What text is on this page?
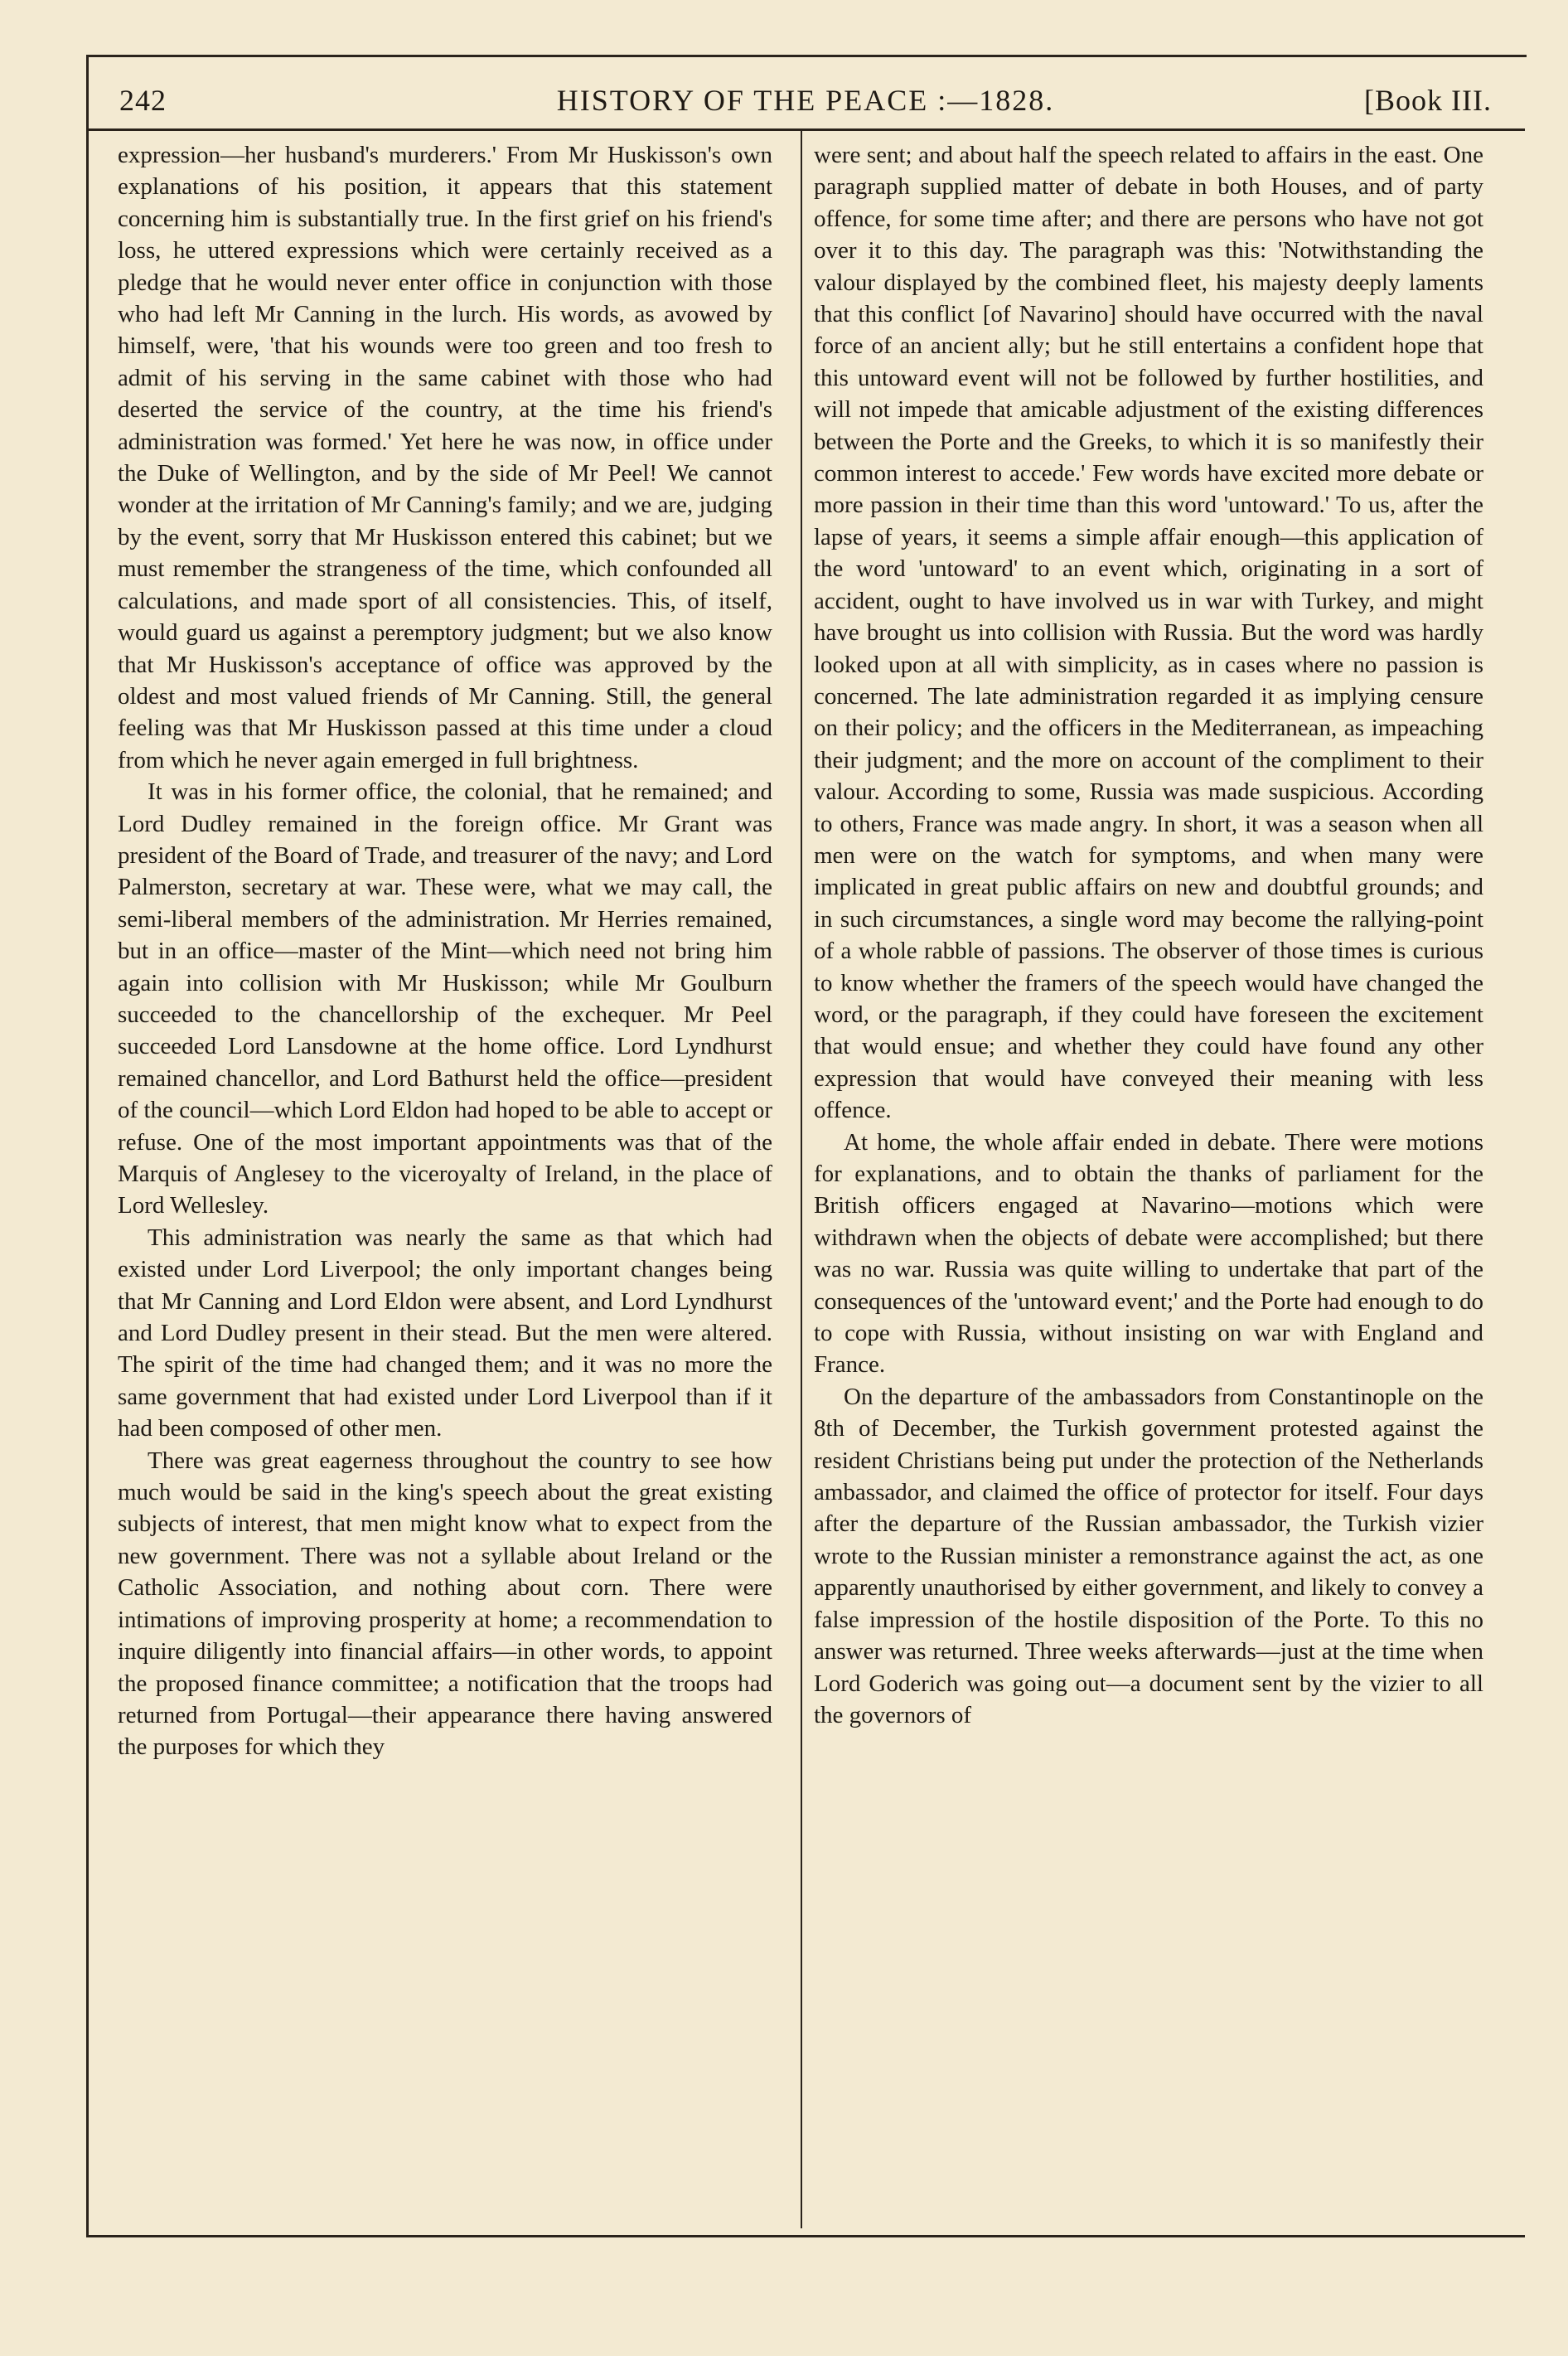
242	HISTORY OF THE PEACE :—1828.	[Book III.

expression—her husband's murderers.' From Mr Huskisson's own explanations of his position, it appears that this statement concerning him is substantially true. In the first grief on his friend's loss, he uttered expressions which were certainly received as a pledge that he would never enter office in conjunction with those who had left Mr Canning in the lurch. His words, as avowed by himself, were, 'that his wounds were too green and too fresh to admit of his serving in the same cabinet with those who had deserted the service of the country, at the time his friend's administration was formed.' Yet here he was now, in office under the Duke of Wellington, and by the side of Mr Peel! We cannot wonder at the irritation of Mr Canning's family; and we are, judging by the event, sorry that Mr Huskisson entered this cabinet; but we must remember the strangeness of the time, which confounded all calculations, and made sport of all consistencies. This, of itself, would guard us against a peremptory judgment; but we also know that Mr Huskisson's acceptance of office was approved by the oldest and most valued friends of Mr Canning. Still, the general feeling was that Mr Huskisson passed at this time under a cloud from which he never again emerged in full brightness.

It was in his former office, the colonial, that he remained; and Lord Dudley remained in the foreign office. Mr Grant was president of the Board of Trade, and treasurer of the navy; and Lord Palmerston, secretary at war. These were, what we may call, the semi-liberal members of the administration. Mr Herries remained, but in an office—master of the Mint—which need not bring him again into collision with Mr Huskisson; while Mr Goulburn succeeded to the chancellorship of the exchequer. Mr Peel succeeded Lord Lansdowne at the home office. Lord Lyndhurst remained chancellor, and Lord Bathurst held the office—president of the council—which Lord Eldon had hoped to be able to accept or refuse. One of the most important appointments was that of the Marquis of Anglesey to the viceroyalty of Ireland, in the place of Lord Wellesley.

This administration was nearly the same as that which had existed under Lord Liverpool; the only important changes being that Mr Canning and Lord Eldon were absent, and Lord Lyndhurst and Lord Dudley present in their stead. But the men were altered. The spirit of the time had changed them; and it was no more the same government that had existed under Lord Liverpool than if it had been composed of other men.

There was great eagerness throughout the country to see how much would be said in the king's speech about the great existing subjects of interest, that men might know what to expect from the new government. There was not a syllable about Ireland or the Catholic Association, and nothing about corn. There were intimations of improving prosperity at home; a recommendation to inquire diligently into financial affairs—in other words, to appoint the proposed finance committee; a notification that the troops had returned from Portugal—their appearance there having answered the purposes for which they

were sent; and about half the speech related to affairs in the east. One paragraph supplied matter of debate in both Houses, and of party offence, for some time after; and there are persons who have not got over it to this day. The paragraph was this: 'Notwithstanding the valour displayed by the combined fleet, his majesty deeply laments that this conflict [of Navarino] should have occurred with the naval force of an ancient ally; but he still entertains a confident hope that this untoward event will not be followed by further hostilities, and will not impede that amicable adjustment of the existing differences between the Porte and the Greeks, to which it is so manifestly their common interest to accede.' Few words have excited more debate or more passion in their time than this word 'untoward.' To us, after the lapse of years, it seems a simple affair enough—this application of the word 'untoward' to an event which, originating in a sort of accident, ought to have involved us in war with Turkey, and might have brought us into collision with Russia. But the word was hardly looked upon at all with simplicity, as in cases where no passion is concerned. The late administration regarded it as implying censure on their policy; and the officers in the Mediterranean, as impeaching their judgment; and the more on account of the compliment to their valour. According to some, Russia was made suspicious. According to others, France was made angry. In short, it was a season when all men were on the watch for symptoms, and when many were implicated in great public affairs on new and doubtful grounds; and in such circumstances, a single word may become the rallying-point of a whole rabble of passions. The observer of those times is curious to know whether the framers of the speech would have changed the word, or the paragraph, if they could have foreseen the excitement that would ensue; and whether they could have found any other expression that would have conveyed their meaning with less offence.

At home, the whole affair ended in debate. There were motions for explanations, and to obtain the thanks of parliament for the British officers engaged at Navarino—motions which were withdrawn when the objects of debate were accomplished; but there was no war. Russia was quite willing to undertake that part of the consequences of the 'untoward event;' and the Porte had enough to do to cope with Russia, without insisting on war with England and France.

On the departure of the ambassadors from Constantinople on the 8th of December, the Turkish government protested against the resident Christians being put under the protection of the Netherlands ambassador, and claimed the office of protector for itself. Four days after the departure of the Russian ambassador, the Turkish vizier wrote to the Russian minister a remonstrance against the act, as one apparently unauthorised by either government, and likely to convey a false impression of the hostile disposition of the Porte. To this no answer was returned. Three weeks afterwards—just at the time when Lord Goderich was going out—a document sent by the vizier to all the governors of
